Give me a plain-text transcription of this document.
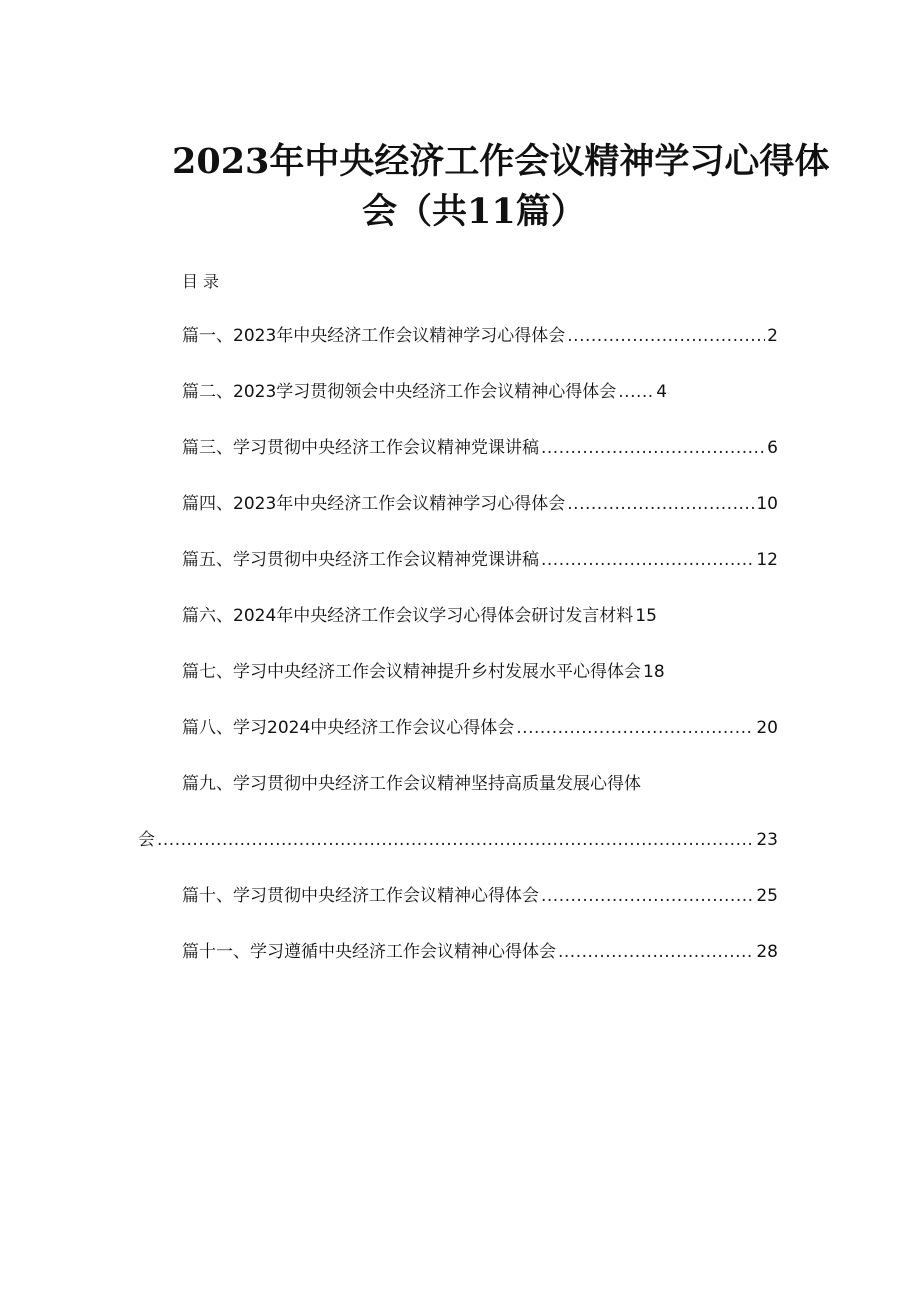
2023年中央经济工作会议精神学习心得体
会（共11篇）
目录
篇一、2023年中央经济工作会议精神学习心得体会 .....	2
篇二、2023学习贯彻领会中央经济工作会议精神心得体会 ..... 4
篇三、学习贯彻中央经济工作会议精神党课讲稿 .....	6
篇四、2023年中央经济工作会议精神学习心得体会 .....	10
篇五、学习贯彻中央经济工作会议精神党课讲稿 .....	12
篇六、2024年中央经济工作会议学习心得体会研讨发言材料 15
篇七、学习中央经济工作会议精神提升乡村发展水平心得体会 18
篇八、学习2024中央经济工作会议心得体会 .....	20
篇九、学习贯彻中央经济工作会议精神坚持高质量发展心得体
会 .....	23
篇十、学习贯彻中央经济工作会议精神心得体会 .....	25
篇十一、学习遵循中央经济工作会议精神心得体会 .....	28
